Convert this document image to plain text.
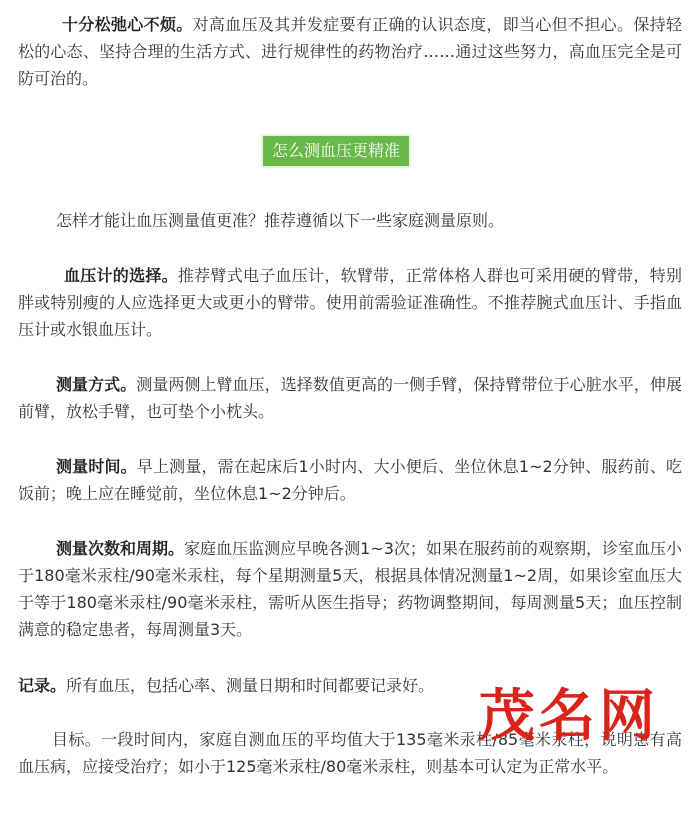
十分松弛心不烦。对高血压及其并发症要有正确的认识态度，即当心但不担心。保持轻松的心态、坚持合理的生活方式、进行规律性的药物治疗……通过这些努力，高血压完全是可防可治的。

怎么测血压更精准

怎样才能让血压测量值更准？推荐遵循以下一些家庭测量原则。

血压计的选择。推荐臂式电子血压计，软臂带，正常体格人群也可采用硬的臂带，特别胖或特别瘦的人应选择更大或更小的臂带。使用前需验证准确性。不推荐腕式血压计、手指血压计或水银血压计。

测量方式。测量两侧上臂血压，选择数值更高的一侧手臂，保持臂带位于心脏水平，伸展前臂，放松手臂，也可垫个小枕头。

测量时间。早上测量，需在起床后1小时内、大小便后、坐位休息1~2分钟、服药前、吃饭前；晚上应在睡觉前，坐位休息1~2分钟后。

测量次数和周期。家庭血压监测应早晚各测1~3次；如果在服药前的观察期，诊室血压小于180毫米汞柱/90毫米汞柱，每个星期测量5天，根据具体情况测量1~2周，如果诊室血压大于等于180毫米汞柱/90毫米汞柱，需听从医生指导；药物调整期间，每周测量5天；血压控制满意的稳定患者，每周测量3天。

记录。所有血压，包括心率、测量日期和时间都要记录好。

目标。一段时间内，家庭自测血压的平均值大于135毫米汞柱/85毫米汞柱，说明患有高血压病，应接受治疗；如小于125毫米汞柱/80毫米汞柱，则基本可认定为正常水平。

茂名网
